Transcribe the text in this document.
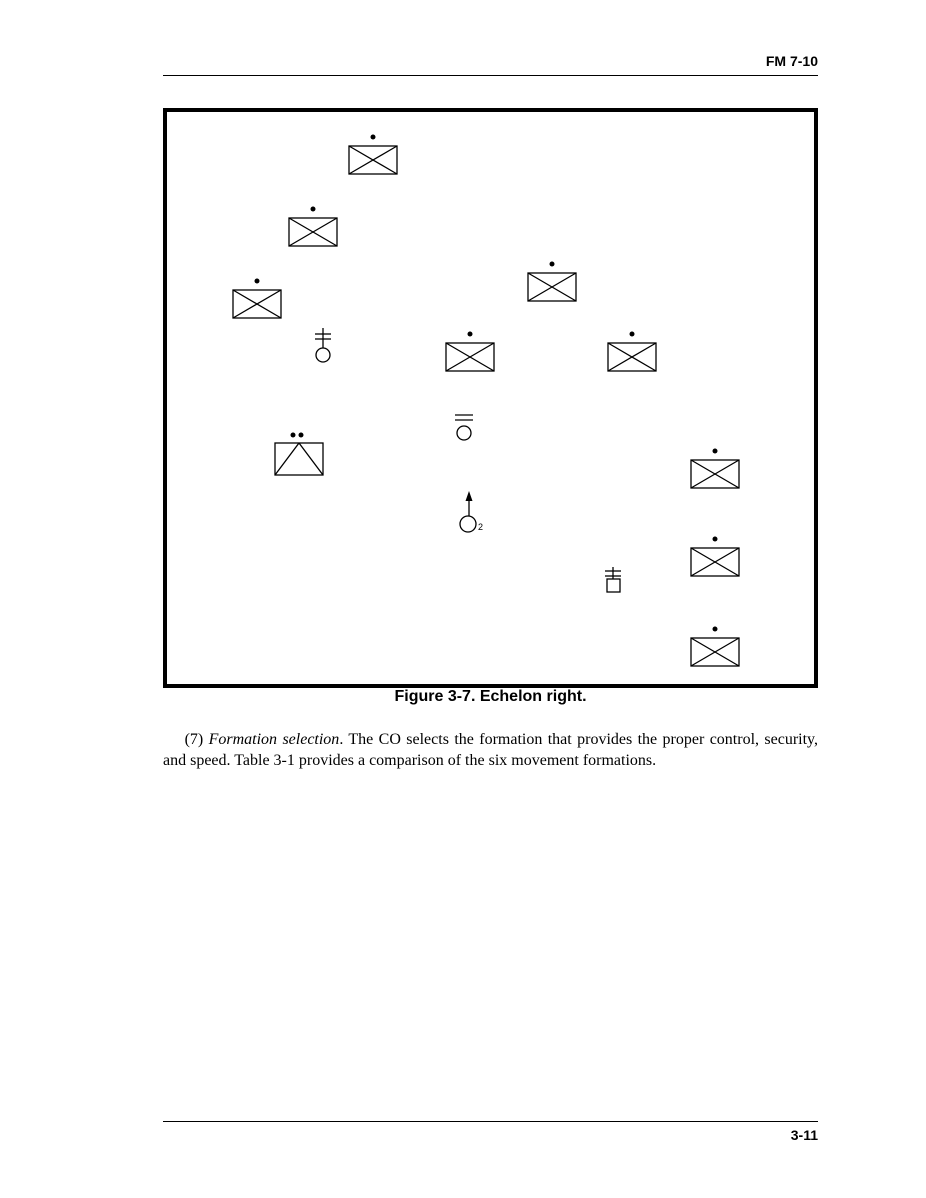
FM 7-10
2
Figure 3-7. Echelon right.

(7) Formation selection. The CO selects the formation that provides the proper control, security, and speed. Table 3-1 provides a comparison of the six movement formations.

3-11
